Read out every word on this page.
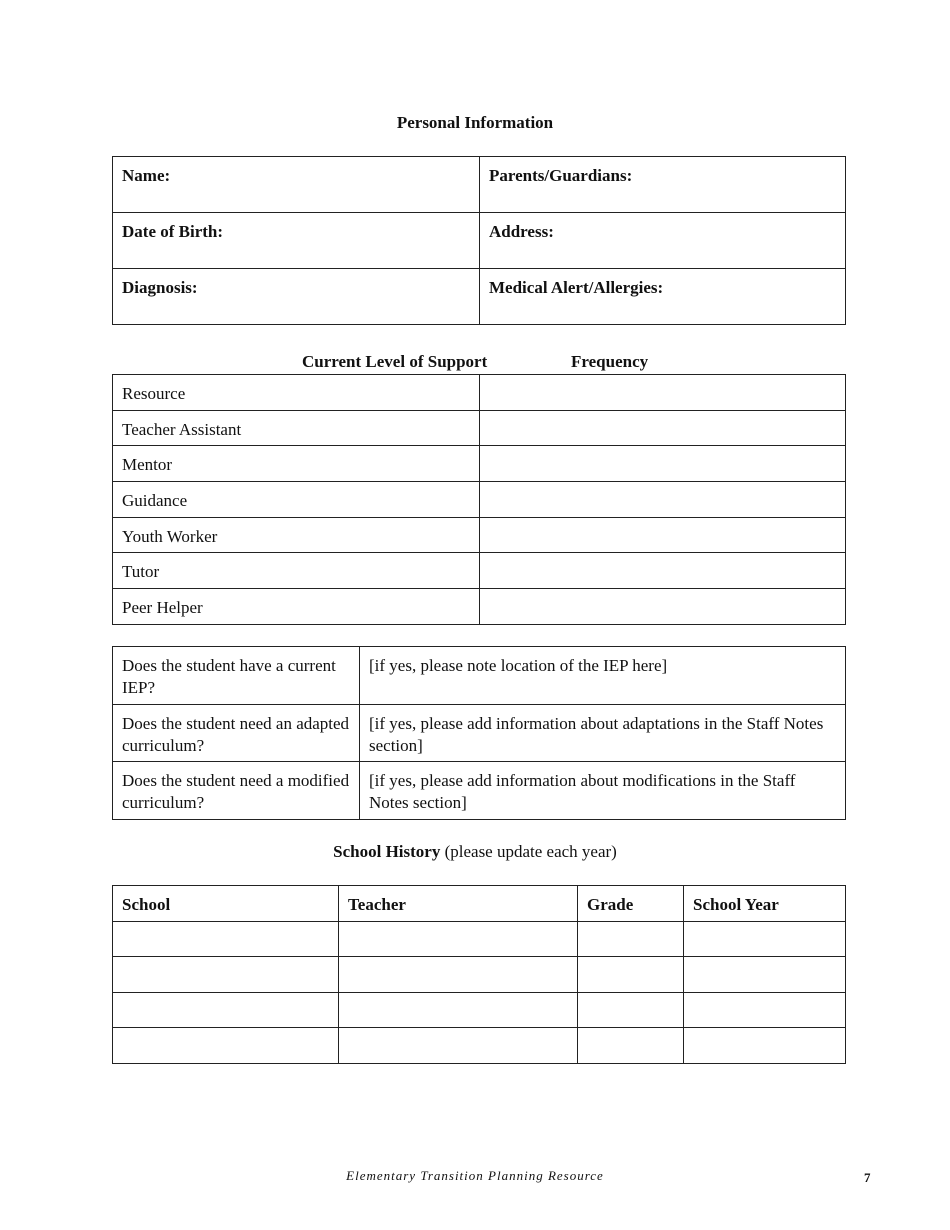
Personal Information
Name:	Parents/Guardians:
Date of Birth:	Address:
Diagnosis:	Medical Alert/Allergies:
Current Level of Support	Frequency
Resource	
Teacher Assistant	
Mentor	
Guidance	
Youth Worker	
Tutor	
Peer Helper	
Does the student have a current IEP?	[if yes, please note location of the IEP here]
Does the student need an adapted curriculum?	[if yes, please add information about adaptations in the Staff Notes section]
Does the student need a modified curriculum?	[if yes, please add information about modifications in the Staff Notes section]
School History (please update each year)
School	Teacher	Grade	School Year

Elementary Transition Planning Resource	7
